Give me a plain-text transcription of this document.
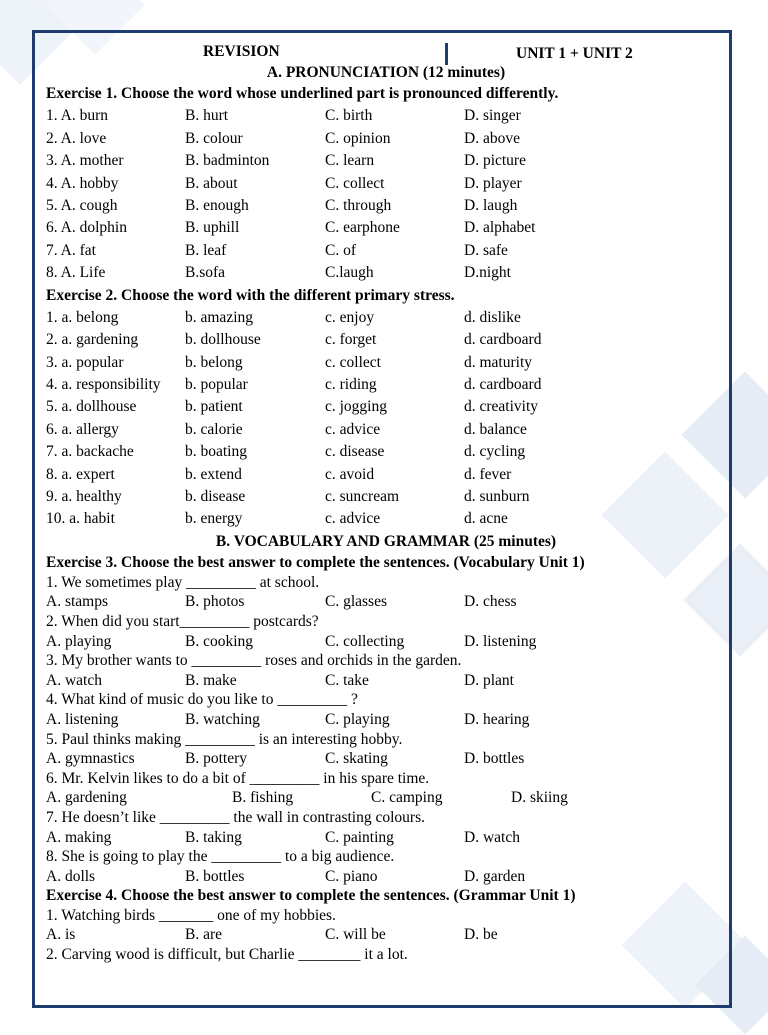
REVISION	UNIT 1 + UNIT 2
A. PRONUNCIATION (12 minutes)
Exercise 1. Choose the word whose underlined part is pronounced differently.
1. A. burn	B. hurt	C. birth	D. singer
2. A. love	B. colour	C. opinion	D. above
3. A. mother	B. badminton	C. learn	D. picture
4. A. hobby	B. about	C. collect	D. player
5. A. cough	B. enough	C. through	D. laugh
6. A. dolphin	B. uphill	C. earphone	D. alphabet
7. A. fat	B. leaf	C. of	D. safe
8. A. Life	B.sofa	C.laugh	D.night
Exercise 2. Choose the word with the different primary stress.
1. a. belong	b. amazing	c. enjoy	d. dislike
2. a. gardening	b. dollhouse	c. forget	d. cardboard
3. a. popular	b. belong	c. collect	d. maturity
4. a. responsibility b. popular	c. riding	d. cardboard
5. a. dollhouse	b. patient	c. jogging	d. creativity
6. a. allergy	b. calorie	c. advice	d. balance
7. a. backache	b. boating	c. disease	d. cycling
8. a. expert	b. extend	c. avoid	d. fever
9. a. healthy	b. disease	c. suncream	d. sunburn
10. a. habit	b. energy	c. advice	d. acne
B. VOCABULARY AND GRAMMAR (25 minutes)
Exercise 3. Choose the best answer to complete the sentences. (Vocabulary Unit 1)
1. We sometimes play _________ at school.
A. stamps	B. photos	C. glasses	D. chess
2. When did you start_________ postcards?
A. playing	B. cooking	C. collecting	D. listening
3. My brother wants to _________ roses and orchids in the garden.
A. watch	B. make	C. take	D. plant
4. What kind of music do you like to _________ ?
A. listening	B. watching	C. playing	D. hearing
5. Paul thinks making _________ is an interesting hobby.
A. gymnastics	B. pottery	C. skating	D. bottles
6. Mr. Kelvin likes to do a bit of _________ in his spare time.
A. gardening	B. fishing	C. camping	D. skiing
7. He doesn’t like _________ the wall in contrasting colours.
A. making	B. taking	C. painting	D. watch
8. She is going to play the _________ to a big audience.
A. dolls	B. bottles	C. piano	D. garden
Exercise 4. Choose the best answer to complete the sentences. (Grammar Unit 1)
1. Watching birds _______ one of my hobbies.
A. is	B. are	C. will be	D. be
2. Carving wood is difficult, but Charlie ________ it a lot.
